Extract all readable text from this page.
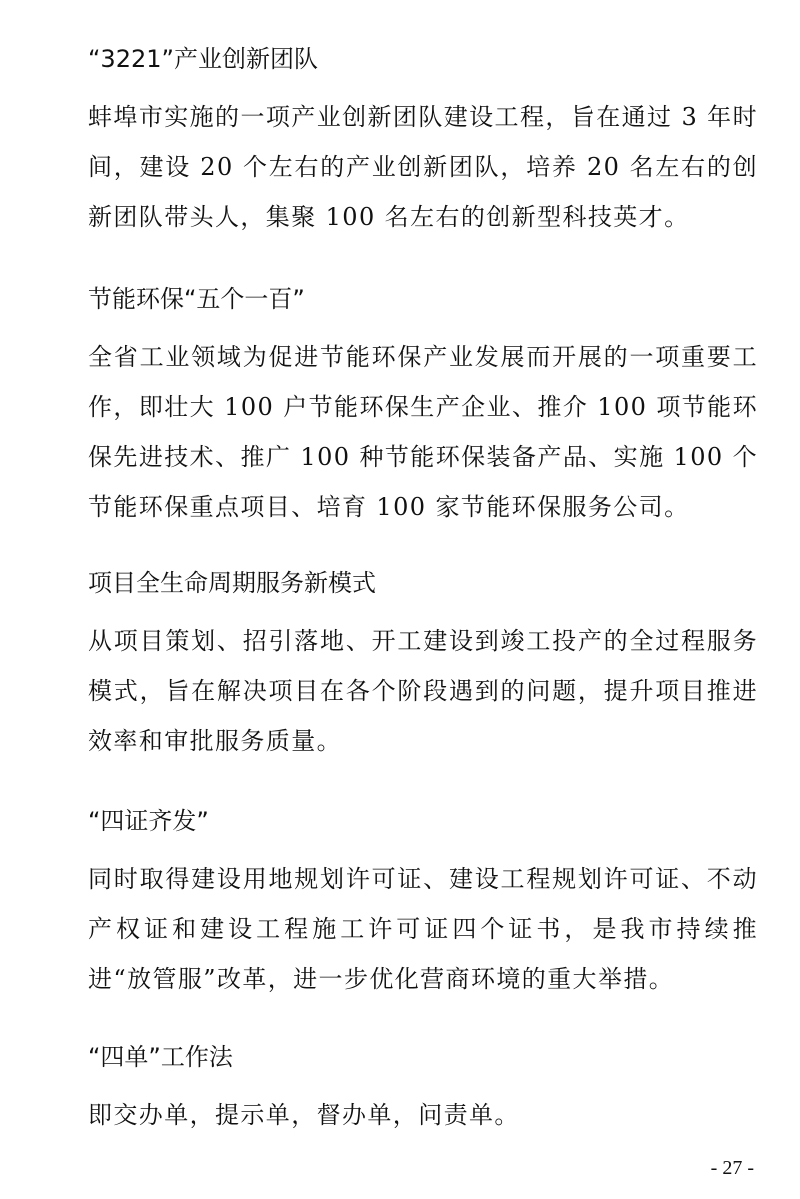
“3221”产业创新团队
蚌埠市实施的一项产业创新团队建设工程，旨在通过 3 年时间，建设 20 个左右的产业创新团队，培养 20 名左右的创新团队带头人，集聚 100 名左右的创新型科技英才。
节能环保“五个一百”
全省工业领域为促进节能环保产业发展而开展的一项重要工作，即壮大 100 户节能环保生产企业、推介 100 项节能环保先进技术、推广 100 种节能环保装备产品、实施 100 个节能环保重点项目、培育 100 家节能环保服务公司。
项目全生命周期服务新模式
从项目策划、招引落地、开工建设到竣工投产的全过程服务模式，旨在解决项目在各个阶段遇到的问题，提升项目推进效率和审批服务质量。
“四证齐发”
同时取得建设用地规划许可证、建设工程规划许可证、不动产权证和建设工程施工许可证四个证书，是我市持续推进“放管服”改革，进一步优化营商环境的重大举措。
“四单”工作法
即交办单，提示单，督办单，问责单。
- 27 -
